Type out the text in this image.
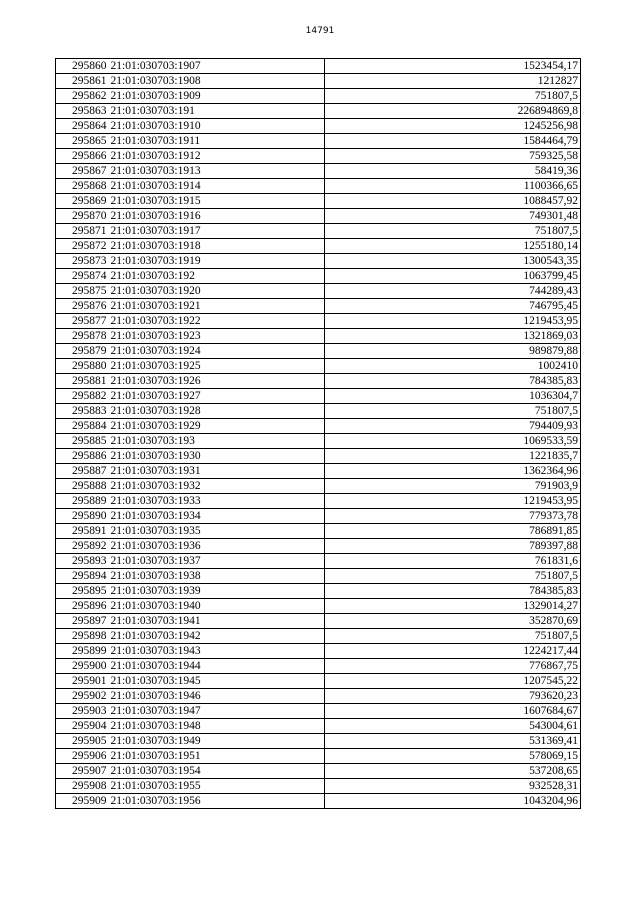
14791
295860	21:01:030703:1907	1523454,17
295861	21:01:030703:1908	1212827
295862	21:01:030703:1909	751807,5
295863	21:01:030703:191	226894869,8
295864	21:01:030703:1910	1245256,98
295865	21:01:030703:1911	1584464,79
295866	21:01:030703:1912	759325,58
295867	21:01:030703:1913	58419,36
295868	21:01:030703:1914	1100366,65
295869	21:01:030703:1915	1088457,92
295870	21:01:030703:1916	749301,48
295871	21:01:030703:1917	751807,5
295872	21:01:030703:1918	1255180,14
295873	21:01:030703:1919	1300543,35
295874	21:01:030703:192	1063799,45
295875	21:01:030703:1920	744289,43
295876	21:01:030703:1921	746795,45
295877	21:01:030703:1922	1219453,95
295878	21:01:030703:1923	1321869,03
295879	21:01:030703:1924	989879,88
295880	21:01:030703:1925	1002410
295881	21:01:030703:1926	784385,83
295882	21:01:030703:1927	1036304,7
295883	21:01:030703:1928	751807,5
295884	21:01:030703:1929	794409,93
295885	21:01:030703:193	1069533,59
295886	21:01:030703:1930	1221835,7
295887	21:01:030703:1931	1362364,96
295888	21:01:030703:1932	791903,9
295889	21:01:030703:1933	1219453,95
295890	21:01:030703:1934	779373,78
295891	21:01:030703:1935	786891,85
295892	21:01:030703:1936	789397,88
295893	21:01:030703:1937	761831,6
295894	21:01:030703:1938	751807,5
295895	21:01:030703:1939	784385,83
295896	21:01:030703:1940	1329014,27
295897	21:01:030703:1941	352870,69
295898	21:01:030703:1942	751807,5
295899	21:01:030703:1943	1224217,44
295900	21:01:030703:1944	776867,75
295901	21:01:030703:1945	1207545,22
295902	21:01:030703:1946	793620,23
295903	21:01:030703:1947	1607684,67
295904	21:01:030703:1948	543004,61
295905	21:01:030703:1949	531369,41
295906	21:01:030703:1951	578069,15
295907	21:01:030703:1954	537208,65
295908	21:01:030703:1955	932528,31
295909	21:01:030703:1956	1043204,96
